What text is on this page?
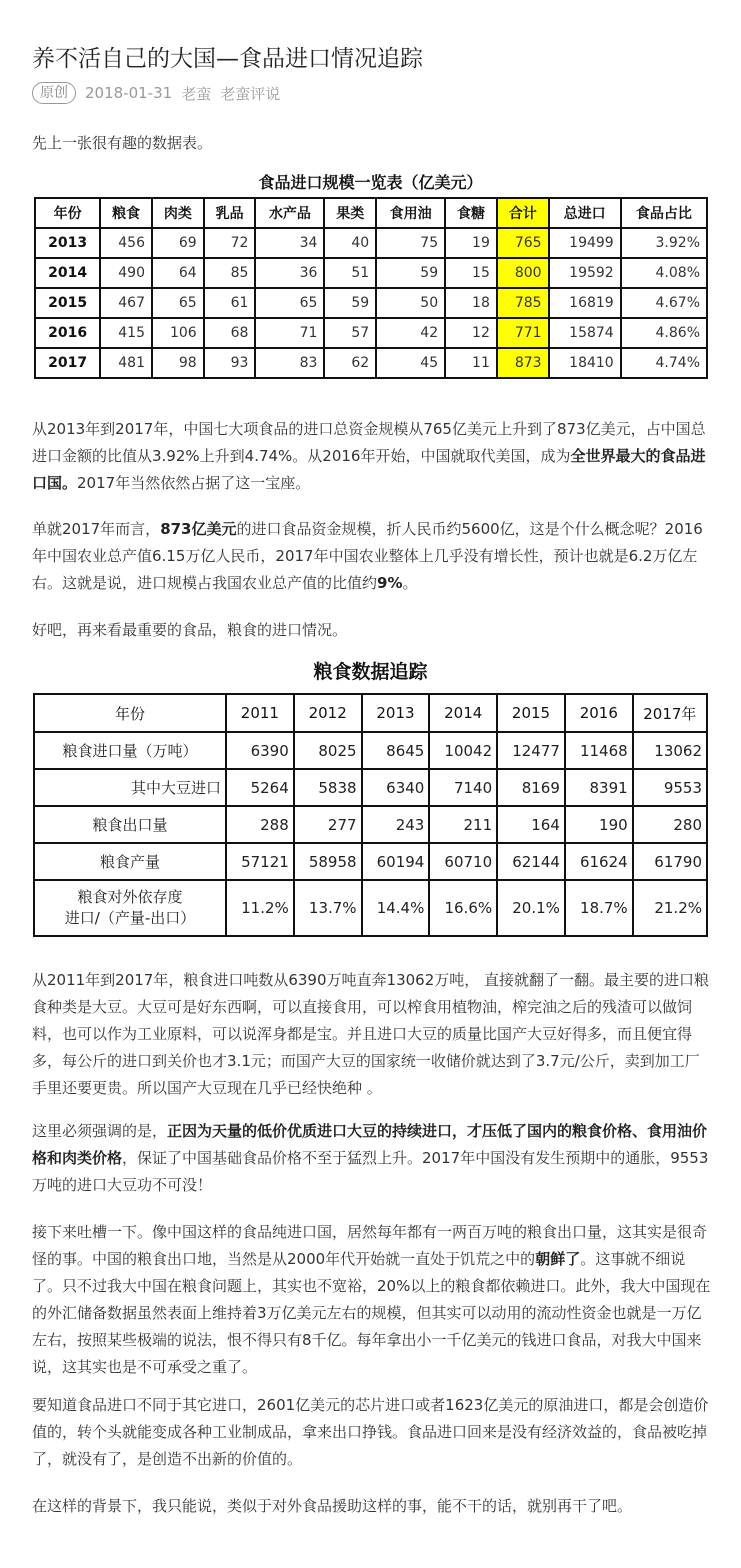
养不活自己的大国—食品进口情况追踪
原创	2018-01-31 老蛮 老蛮评说
先上一张很有趣的数据表。
食品进口规模一览表（亿美元）
年份	粮食	肉类	乳品	水产品	果类	食用油	食糖	合计	总进口	食品占比
2013	456	69	72	34	40	75	19	765	19499	3.92%
2014	490	64	85	36	51	59	15	800	19592	4.08%
2015	467	65	61	65	59	50	18	785	16819	4.67%
2016	415	106	68	71	57	42	12	771	15874	4.86%
2017	481	98	93	83	62	45	11	873	18410	4.74%
从2013年到2017年，中国七大项食品的进口总资金规模从765亿美元上升到了873亿美元，占中国总进口金额的比值从3.92%上升到4.74%。从2016年开始，中国就取代美国，成为全世界最大的食品进口国。2017年当然依然占据了这一宝座。
单就2017年而言，873亿美元的进口食品资金规模，折人民币约5600亿，这是个什么概念呢？2016年中国农业总产值6.15万亿人民币，2017年中国农业整体上几乎没有增长性，预计也就是6.2万亿左右。这就是说，进口规模占我国农业总产值的比值约9%。
好吧，再来看最重要的食品，粮食的进口情况。
粮食数据追踪
年份	2011	2012	2013	2014	2015	2016	2017年
粮食进口量（万吨）	6390	8025	8645	10042	12477	11468	13062
其中大豆进口	5264	5838	6340	7140	8169	8391	9553
粮食出口量	288	277	243	211	164	190	280
粮食产量	57121	58958	60194	60710	62144	61624	61790

粮食对外依存度
进口/（产量-出口）	11.2%	13.7%	14.4%	16.6%	20.1%	18.7%	21.2%
从2011年到2017年，粮食进口吨数从6390万吨直奔13062万吨， 直接就翻了一翻。最主要的进口粮食种类是大豆。大豆可是好东西啊，可以直接食用，可以榨食用植物油，榨完油之后的残渣可以做饲料，也可以作为工业原料，可以说浑身都是宝。并且进口大豆的质量比国产大豆好得多，而且便宜得多，每公斤的进口到关价也才3.1元；而国产大豆的国家统一收储价就达到了3.7元/公斤，卖到加工厂手里还要更贵。所以国产大豆现在几乎已经快绝种 。
这里必须强调的是，正因为天量的低价优质进口大豆的持续进口，才压低了国内的粮食价格、食用油价格和肉类价格，保证了中国基础食品价格不至于猛烈上升。2017年中国没有发生预期中的通胀，9553万吨的进口大豆功不可没！
接下来吐槽一下。像中国这样的食品纯进口国，居然每年都有一两百万吨的粮食出口量，这其实是很奇怪的事。中国的粮食出口地，当然是从2000年代开始就一直处于饥荒之中的朝鲜了。这事就不细说了。只不过我大中国在粮食问题上，其实也不宽裕，20%以上的粮食都依赖进口。此外，我大中国现在的外汇储备数据虽然表面上维持着3万亿美元左右的规模，但其实可以动用的流动性资金也就是一万亿左右，按照某些极端的说法，恨不得只有8千亿。每年拿出小一千亿美元的钱进口食品，对我大中国来说，这其实也是不可承受之重了。
要知道食品进口不同于其它进口，2601亿美元的芯片进口或者1623亿美元的原油进口，都是会创造价值的，转个头就能变成各种工业制成品，拿来出口挣钱。食品进口回来是没有经济效益的，食品被吃掉了，就没有了，是创造不出新的价值的。
在这样的背景下，我只能说，类似于对外食品援助这样的事，能不干的话，就别再干了吧。
